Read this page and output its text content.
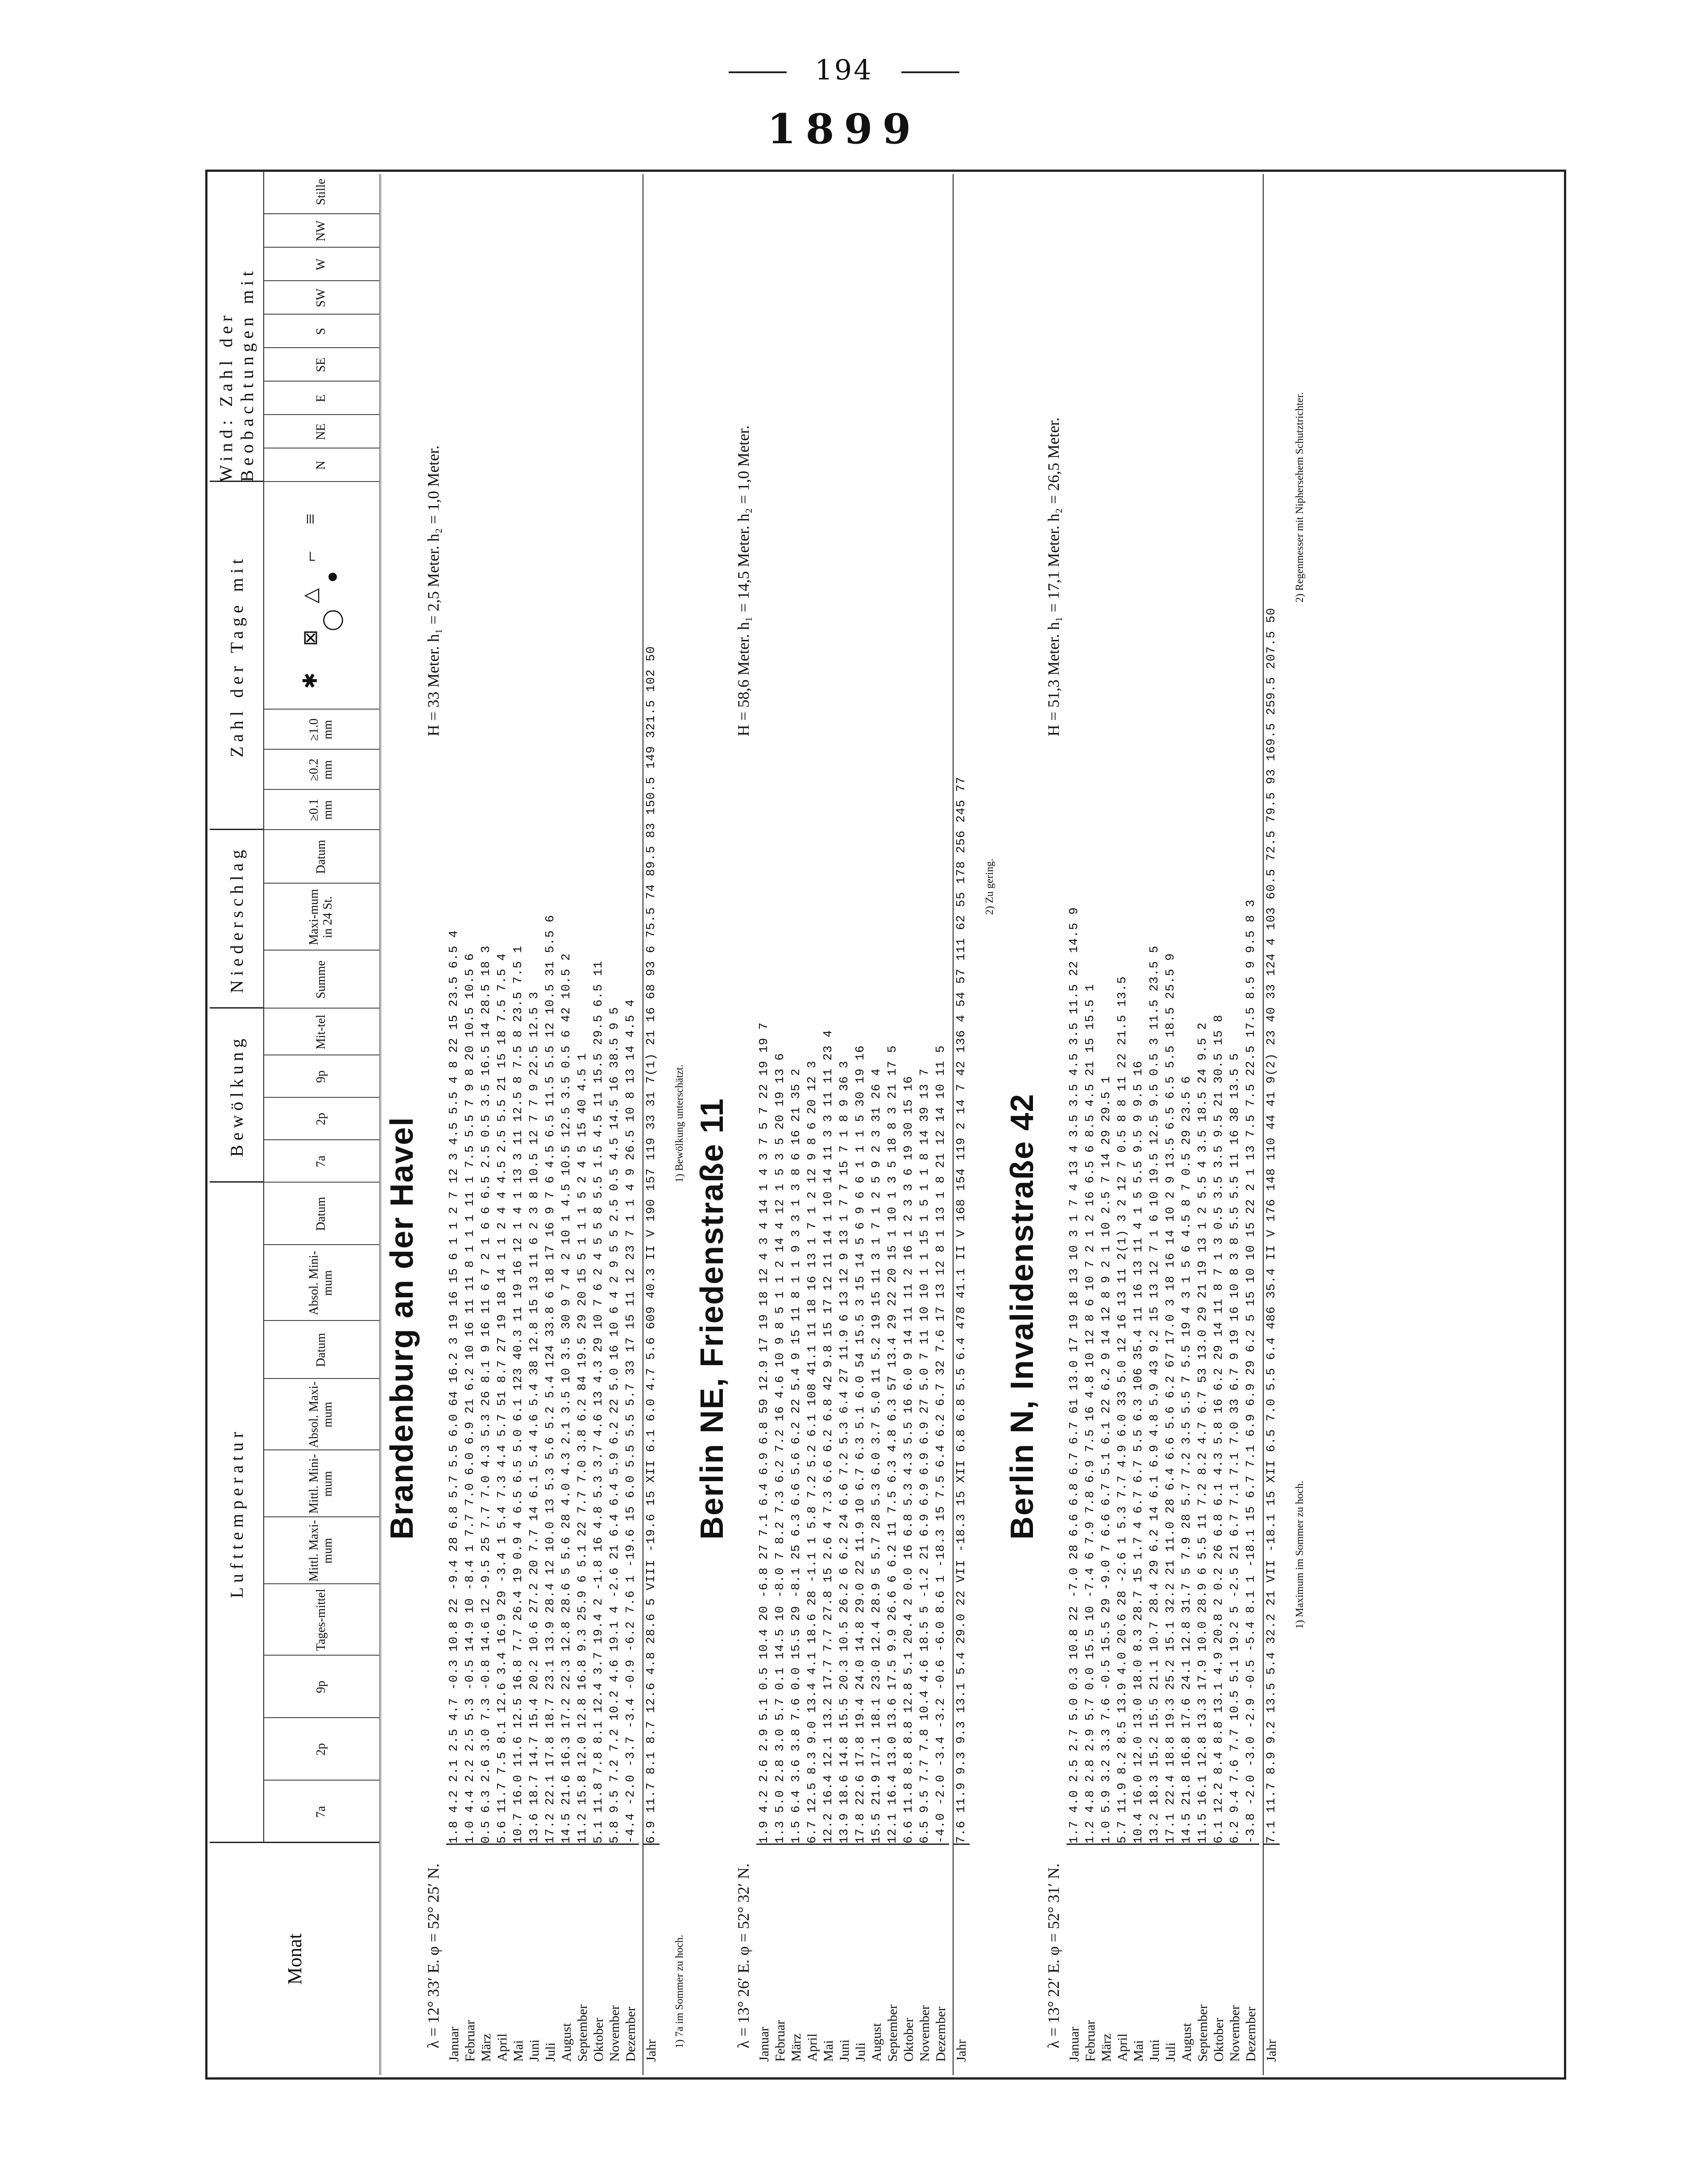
194
1899
Monat
Lufttemperatur
Bewölkung
Niederschlag
Zahl der Tage mit
Wind: Zahl der Beobachtungen mit
7a
2p
9p
Tages-mittel
Mittl. Maxi-mum
Mittl. Mini-mum
Absol. Maxi-mum
Datum
Absol. Mini-mum
Datum
7a
2p
9p
Mit-tel
Summe
Maxi-mum in 24 St.
Datum
≥0.1 mm
≥0.2 mm
≥1.0 mm
✱ ⊠ △ ⌐ ≡ ◯ ●
N
NE
E
SE
S
SW
W
NW
Stille
Brandenburg an der Havel
λ = 12° 33′ E. φ = 52° 25′ N.
H = 33 Meter. h₁ = 2,5 Meter. h₂ = 1,0 Meter.
Januar
1.8 4.2 2.1 2.5 4.7 -0.3 10.8 22 -9.4 28 6.8 5.7 5.5 6.0 64 16.2 3 19 16 15 6 1 1 2 7 12 3 4.5 5.5 4 8 22 15 23.5 6.5 4
Februar
1.0 4.4 2.2 2.5 5.3 -0.5 14.9 10 -8.4 1 7.7 7.0 6.0 6.9 21 6.2 10 16 11 11 8 1 1 1 11 1 7.5 5.5 7 9 8 20 10.5 10.5 6
März
0.5 6.3 2.6 3.0 7.3 -0.8 14.6 12 -9.5 25 7.7 7.0 4.3 5.3 26 8.1 9 16 11 6 7 2 1 6 6 6.5 2.5 0.5 3.5 16.5 14 28.5 18 3
April
5.6 11.7 7.5 8.1 12.6 3.4 16.9 29 -3.4 1 5.4 7.3 4.4 5.7 51 8.7 27 19 18 14 1 1 2 4 4 4.5 2.5 5.5 21 15 18 7.5 7.5 4
Mai
10.7 16.0 11.6 12.5 16.8 7.7 26.4 19 0.9 4 6.5 6.5 5.0 6.1 123 40.3 11 19 16 12 1 4 1 13 3 11 12.5 8 7.5 8 23.5 7.5 1
Juni
13.6 18.7 14.7 15.4 20.2 10.6 27.2 20 7.7 14 6.1 5.4 4.6 5.4 38 12.8 15 13 11 6 2 3 8 10.5 12 7 7 9 22.5 12.5 3
Juli
17.2 22.1 17.8 18.7 23.1 13.9 28.4 12 10.0 13 5.3 5.6 5.2 5.4 124 33.8 6 18 17 16 9 7 6 4.5 6.5 11.5 5.5 12 10.5 31 5.5 6
August
14.5 21.6 16.3 17.2 22.3 12.8 28.6 5 5.6 28 4.0 4.3 2.1 3.5 10 3.5 30 9 7 4 2 10 1 4.5 10.5 12.5 3.5 0.5 6 42 10.5 2
September
11.2 15.8 12.0 12.8 16.8 9.3 25.9 6 5.1 22 7.7 7.0 3.8 6.2 84 19.5 29 20 15 5 1 1 1 5 2 4 5 15 40 4.5 1
Oktober
5.1 11.8 7.8 8.1 12.4 3.7 19.4 2 -1.8 16 4.8 5.3 3.7 4.6 13 4.3 29 10 7 6 2 4 5 5 8 5.5 1.5 4.5 11 15.5 29.5 6.5 11
November
5.8 9.5 7.2 7.2 10.2 4.6 19.1 4 -2.6 21 6.4 6.4 5.9 6.2 22 5.0 16 10 6 4 2 9 5 5 2.5 0.5 4.5 14.5 16 38.5 9 5
Dezember
-4.4 -2.0 -3.7 -3.4 -0.9 -6.2 7.6 1 -19.6 15 6.0 5.5 5.5 5.7 33 17 15 11 12 23 7 1 1 4 9 26.5 10 8 13 14 4.5 4
Jahr
6.9 11.7 8.1 8.7 12.6 4.8 28.6 5 VIII -19.6 15 XII 6.1 6.0 4.7 5.6 609 40.3 II V 190 157 119 33 31 7(1) 21 16 68 93 6 75.5 74 89.5 83 150.5 149 321.5 102 50
1) 7a im Sommer zu hoch.
1) Bewölkung unterschätzt. Berlin NE, Friedenstraße 11
λ = 13° 26′ E. φ = 52° 32′ N.
H = 58,6 Meter. h₁ = 14,5 Meter. h₂ = 1,0 Meter.
Januar
1.9 4.2 2.6 2.9 5.1 0.5 10.4 20 -6.8 27 7.1 6.4 6.9 6.8 59 12.9 17 19 18 12 4 3 4 14 1 4 3 7 5 7 22 19 19 7
Februar
1.3 5.0 2.8 3.0 5.7 0.1 14.5 10 -8.0 7 8.2 7.3 6.2 7.2 16 4.6 10 9 8 5 1 1 2 14 4 12 1 5 3 5 20 19 13 6
März
1.5 6.4 3.6 3.8 7.6 0.0 15.5 29 -8.1 25 6.3 6.6 5.6 6.2 22 5.4 9 15 11 8 1 1 9 3 3 1 3 8 6 16 21 35 2
April
6.7 12.5 8.3 9.0 13.4 4.1 18.6 28 -1.1 1 5.8 7.2 5.2 6.1 108 41.1 11 18 16 13 1 7 1 2 12 9 8 6 20 12 3
Mai
12.2 16.4 12.1 13.2 17.7 7.7 27.8 15 2.6 4 7.3 6.6 6.2 6.8 42 9.8 15 17 12 11 14 1 10 14 11 3 3 11 11 23 4
Juni
13.9 18.6 14.8 15.5 20.3 10.5 26.2 6 6.2 24 6.6 7.2 5.3 6.4 27 11.9 6 13 12 9 13 1 7 7 15 7 1 8 9 36 3
Juli
17.8 22.6 17.8 19.4 24.0 14.8 29.0 22 11.9 10 6.7 6.3 5.1 6.0 54 15.5 3 15 14 5 6 9 6 6 1 1 1 5 30 19 16
August
15.5 21.9 17.1 18.1 23.0 12.4 28.9 5 5.7 28 5.3 6.0 3.7 5.0 11 5.2 19 15 11 3 1 7 1 2 5 9 2 3 31 26 4
September
12.1 16.4 13.0 13.6 17.5 9.9 26.6 6 6.2 11 7.5 6.3 4.8 6.3 57 13.4 29 22 20 15 1 10 1 3 5 18 8 3 21 17 5
Oktober
6.6 11.8 8.8 8.8 12.8 5.1 20.4 2 0.0 16 6.8 5.3 4.3 5.5 16 6.0 9 14 11 11 2 16 1 2 3 3 6 19 30 15 16
November
6.5 9.5 7.7 7.8 10.4 4.6 18.5 5 -1.2 21 6.9 6.9 6.9 6.9 27 5.0 7 11 10 10 1 1 15 1 5 1 1 8 14 39 13 7
Dezember
-4.0 -2.0 -3.4 -3.2 -0.6 -6.0 8.6 1 -18.3 15 7.5 6.4 6.2 6.7 32 7.6 17 13 12 8 1 13 1 8 21 12 14 10 11 5
Jahr
7.6 11.9 9.3 9.3 13.1 5.4 29.0 22 VII -18.3 15 XII 6.8 6.8 5.5 6.4 478 41.1 II V 168 154 119 2 14 7 42 136 4 54 57 111 62 55 178 256 245 77 2) Zu gering.
Berlin N, Invalidenstraße 42
λ = 13° 22′ E. φ = 52° 31′ N.
H = 51,3 Meter. h₁ = 17,1 Meter. h₂ = 26,5 Meter.
Januar
1.7 4.0 2.5 2.7 5.0 0.3 10.8 22 -7.0 28 6.6 6.8 6.7 6.7 61 13.0 17 19 18 13 10 3 1 7 4 13 4 3.5 3.5 4.5 3.5 11.5 22 14.5 9
Februar
1.2 4.8 2.8 2.9 5.7 0.0 15.5 10 -7.4 6 7.9 7.8 6.9 7.5 16 4.8 10 12 8 6 10 7 2 1 2 16 6.5 6 8.5 4.5 21 15 15.5 1
März
1.0 5.9 3.2 3.3 7.6 -0.5 15.5 29 -9.0 7 6.6 6.7 5.1 6.1 22 6.2 9 14 12 8 9 2 1 10 2.5 7 14 29 29.5 1
April
5.7 11.9 8.2 8.5 13.9 4.0 20.6 28 -2.6 1 5.3 7.7 4.9 6.0 33 5.0 12 16 13 11 2(1) 3 2 12 7 0.5 8 8 11 22 21.5 13.5
Mai
10.4 16.0 12.0 13.0 18.0 8.3 28.7 15 1.7 4 6.7 6.7 5.5 6.3 106 35.4 11 16 13 11 4 1 5 5.5 9.5 9 9.5 16
Juni
13.2 18.3 15.2 15.5 21.1 10.7 28.4 29 6.2 14 6.1 6.9 4.8 5.9 43 9.2 15 13 12 7 1 6 10 19.5 12.5 9.5 0.5 3 11.5 23.5 5
Juli
17.1 22.4 18.8 19.3 25.2 15.1 32.2 21 11.0 28 6.4 6.6 5.6 6.2 67 17.0 3 18 16 14 10 2 9 13.5 6.5 6.5 5.5 18.5 25.5 9
August
14.5 21.8 16.8 17.6 24.1 12.8 31.7 5 7.9 28 5.7 7.2 3.5 5.5 7 5.5 19 4 3 1 5 6 4.5 8 7 0.5 29 23.5 6
September
11.5 16.1 12.8 13.3 17.9 10.0 28.9 6 5.5 11 7.2 8.2 4.7 6.7 53 13.0 29 21 19 13 1 2 5.5 4 3.5 18.5 24 9.5 2
Oktober
6.1 12.2 8.4 8.8 13.1 4.9 20.8 2 0.2 26 6.8 6.1 4.3 5.8 16 6.2 29 14 11 8 7 1 3 0.5 3.5 3.5 9.5 21 30.5 15 8
November
6.2 9.4 7.6 7.7 10.5 5.1 19.2 5 -2.5 21 6.7 7.1 7.1 7.0 33 6.7 9 19 16 10 8 3 8 5.5 5.5 11 16 38 13.5 5
Dezember
-3.8 -2.0 -3.0 -2.9 -0.5 -5.4 8.1 1 -18.1 15 6.7 7.1 6.9 6.9 29 6.2 5 15 10 10 15 22 2 1 13 7.5 7.5 22.5 17.5 8.5 9 9.5 8 3
Jahr
7.1 11.7 8.9 9.2 13.5 5.4 32.2 21 VII -18.1 15 XII 6.5 7.0 5.5 6.4 486 35.4 II V 176 148 110 44 41 9(2) 23 40 33 124 4 103 60.5 72.5 79.5 93 169.5 259.5 207.5 50 1) Maximum im Sommer zu hoch.
2) Regenmesser mit Niphersehem Schutztrichter.
